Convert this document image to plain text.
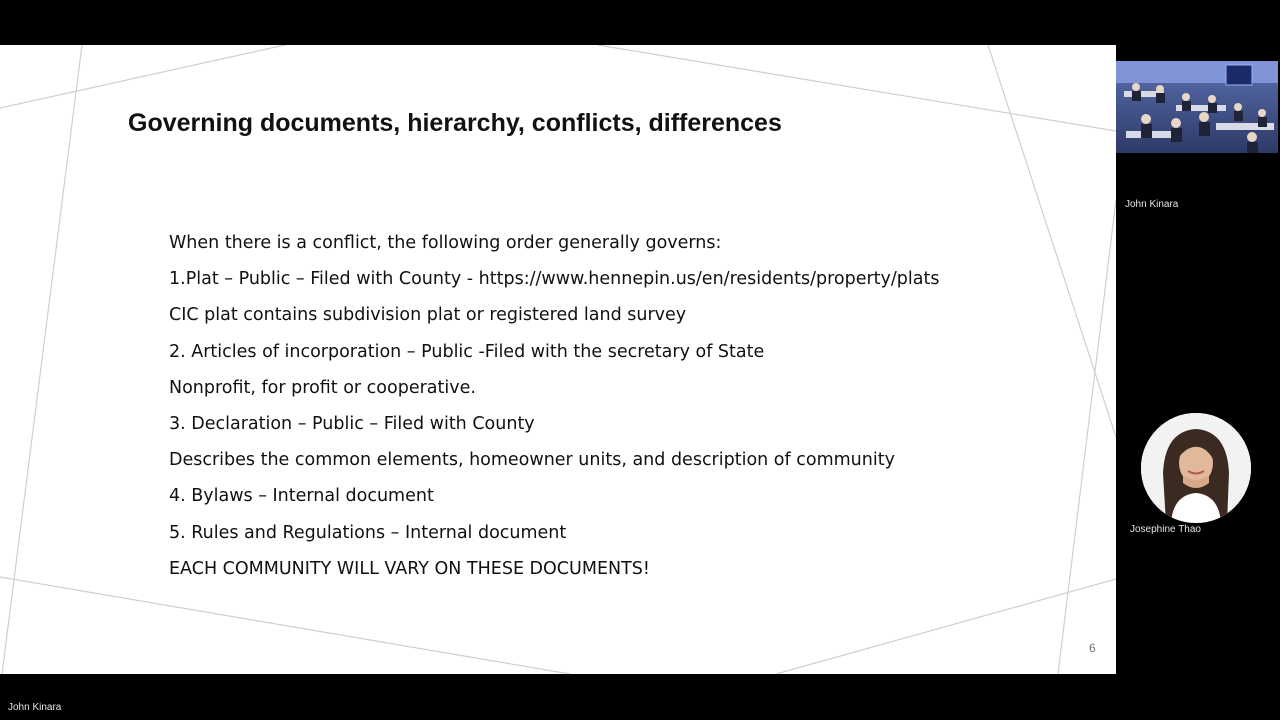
Governing documents, hierarchy, conflicts, differences
When there is a conflict, the following order generally governs:
1.Plat – Public – Filed with County - https://www.hennepin.us/en/residents/property/plats
CIC plat contains subdivision plat or registered land survey
2. Articles of incorporation – Public -Filed with the secretary of State
Nonprofit, for profit or cooperative.
3. Declaration – Public – Filed with County
Describes the common elements, homeowner units, and description of community
4. Bylaws – Internal document
5. Rules and Regulations – Internal document
EACH COMMUNITY WILL VARY ON THESE DOCUMENTS!
6
John Kinara
Josephine Thao
John Kinara
